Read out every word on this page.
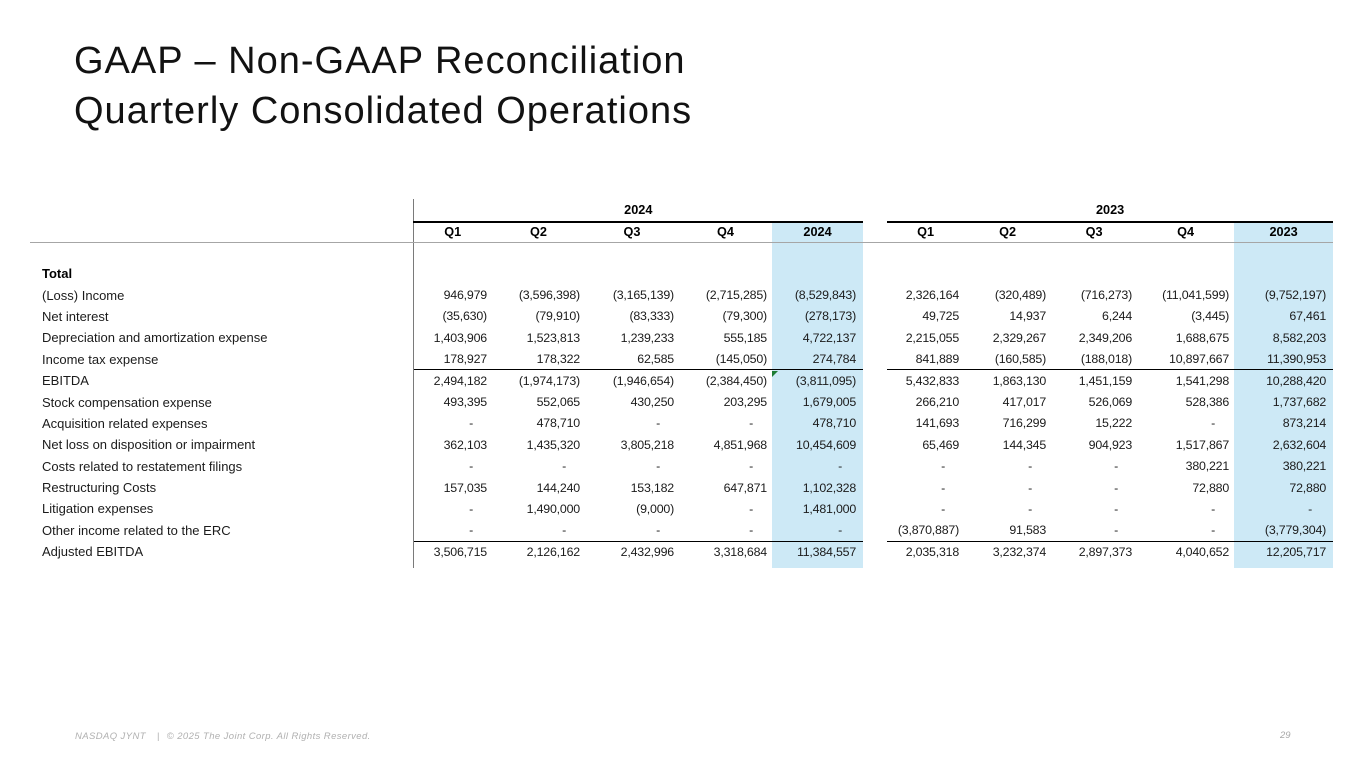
GAAP – Non-GAAP Reconciliation
Quarterly Consolidated Operations
	2024						2023				
	Q1	Q2	Q3	Q4	2024		Q1	Q2	Q3	Q4	2023

Total											
(Loss) Income	946,979	(3,596,398)	(3,165,139)	(2,715,285)	(8,529,843)		2,326,164	(320,489)	(716,273)	(11,041,599)	(9,752,197)
Net interest	(35,630)	(79,910)	(83,333)	(79,300)	(278,173)		49,725	14,937	6,244	(3,445)	67,461
Depreciation and amortization expense	1,403,906	1,523,813	1,239,233	555,185	4,722,137		2,215,055	2,329,267	2,349,206	1,688,675	8,582,203
Income tax expense	178,927	178,322	62,585	(145,050)	274,784		841,889	(160,585)	(188,018)	10,897,667	11,390,953
EBITDA	2,494,182	(1,974,173)	(1,946,654)	(2,384,450)	(3,811,095)		5,432,833	1,863,130	1,451,159	1,541,298	10,288,420
Stock compensation expense	493,395	552,065	430,250	203,295	1,679,005		266,210	417,017	526,069	528,386	1,737,682
Acquisition related expenses	-	478,710	-	-	478,710		141,693	716,299	15,222	-	873,214
Net loss on disposition or impairment	362,103	1,435,320	3,805,218	4,851,968	10,454,609		65,469	144,345	904,923	1,517,867	2,632,604
Costs related to restatement filings	-	-	-	-	-		-	-	-	380,221	380,221
Restructuring Costs	157,035	144,240	153,182	647,871	1,102,328		-	-	-	72,880	72,880
Litigation expenses	-	1,490,000	(9,000)	-	1,481,000		-	-	-	-	-
Other income related to the ERC	-	-	-	-	-		(3,870,887)	91,583	-	-	(3,779,304)
Adjusted EBITDA	3,506,715	2,126,162	2,432,996	3,318,684	11,384,557		2,035,318	3,232,374	2,897,373	4,040,652	12,205,717

NASDAQ JYNT | © 2025 The Joint Corp. All Rights Reserved.	29
